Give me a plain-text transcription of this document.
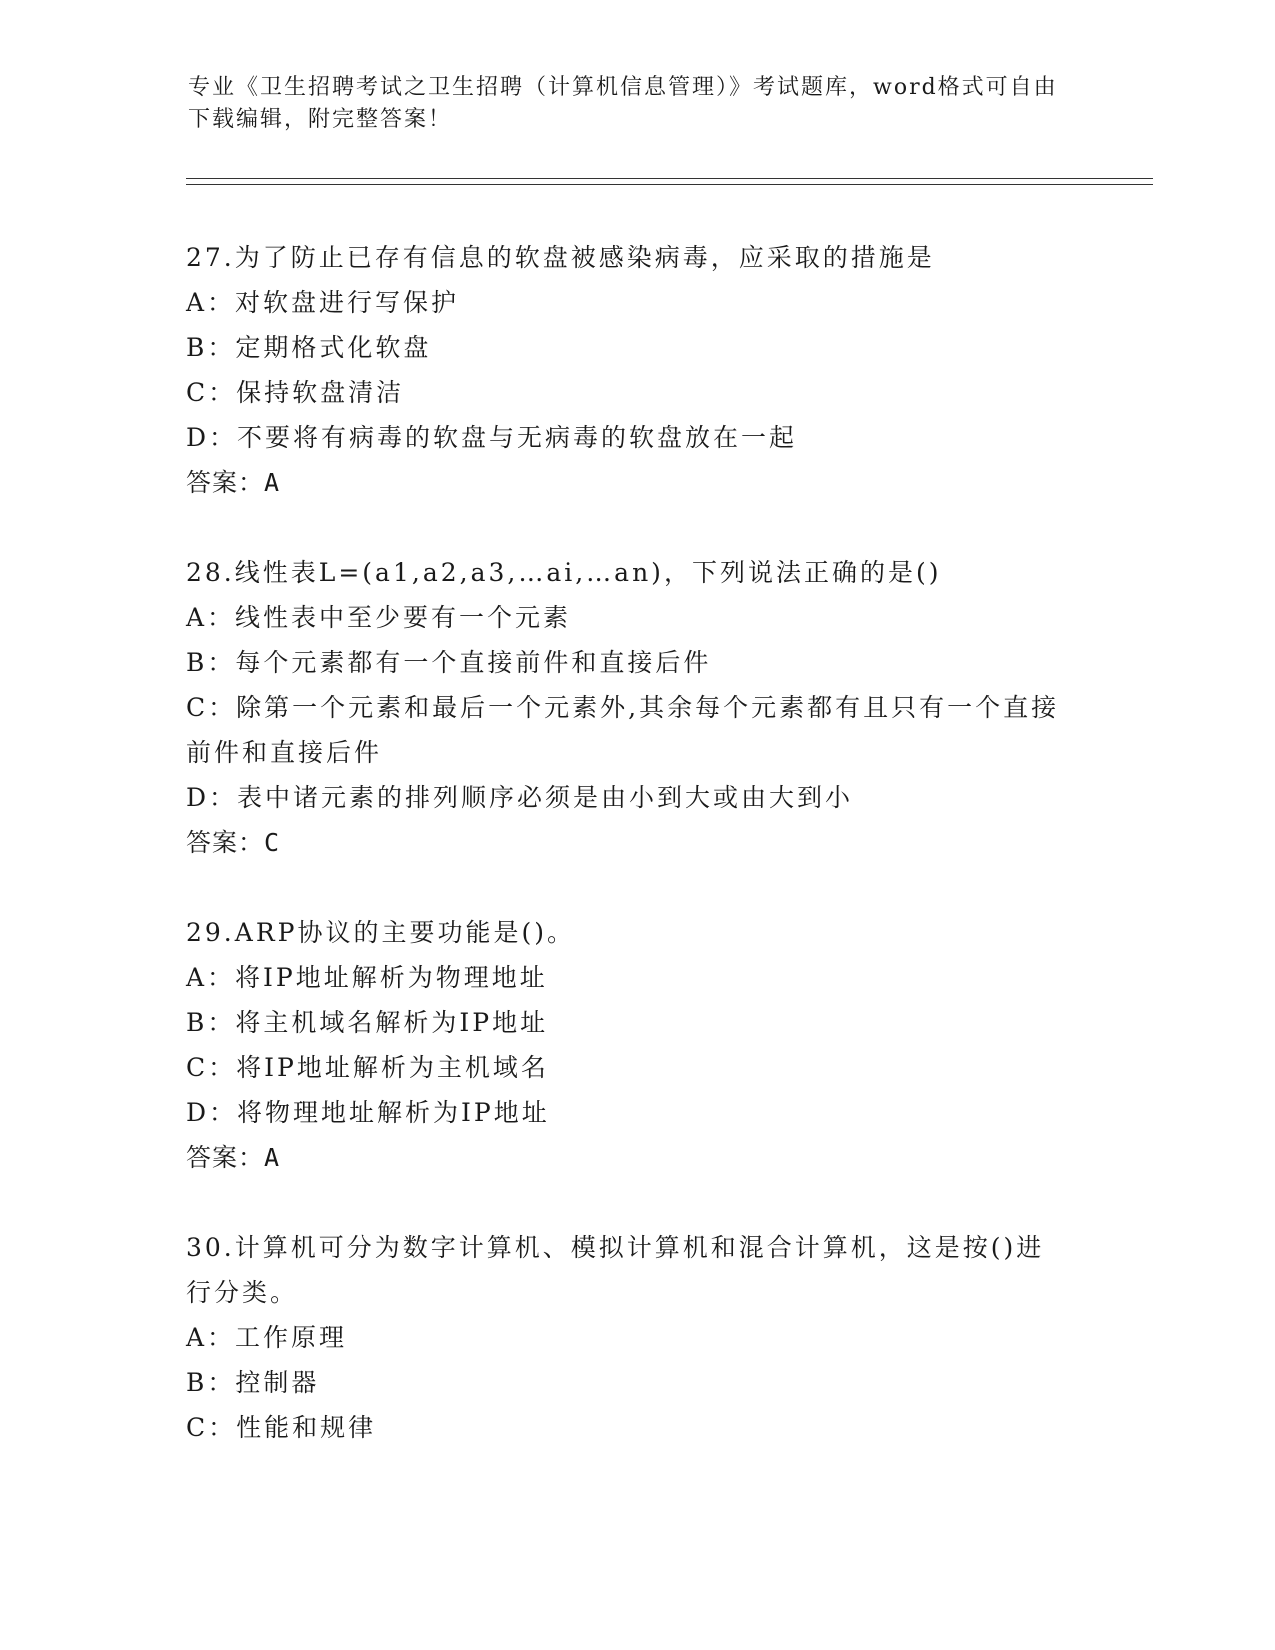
专业《卫生招聘考试之卫生招聘（计算机信息管理）》考试题库，word格式可自由下载编辑，附完整答案！
27.为了防止已存有信息的软盘被感染病毒，应采取的措施是
A：对软盘进行写保护
B：定期格式化软盘
C：保持软盘清洁
D：不要将有病毒的软盘与无病毒的软盘放在一起
答案：A
28.线性表L=(a1,a2,a3,…ai,…an)，下列说法正确的是()
A：线性表中至少要有一个元素
B：每个元素都有一个直接前件和直接后件
C：除第一个元素和最后一个元素外,其余每个元素都有且只有一个直接前件和直接后件
D：表中诸元素的排列顺序必须是由小到大或由大到小
答案：C
29.ARP协议的主要功能是()。
A：将IP地址解析为物理地址
B：将主机域名解析为IP地址
C：将IP地址解析为主机域名
D：将物理地址解析为IP地址
答案：A
30.计算机可分为数字计算机、模拟计算机和混合计算机，这是按()进行分类。
A：工作原理
B：控制器
C：性能和规律
